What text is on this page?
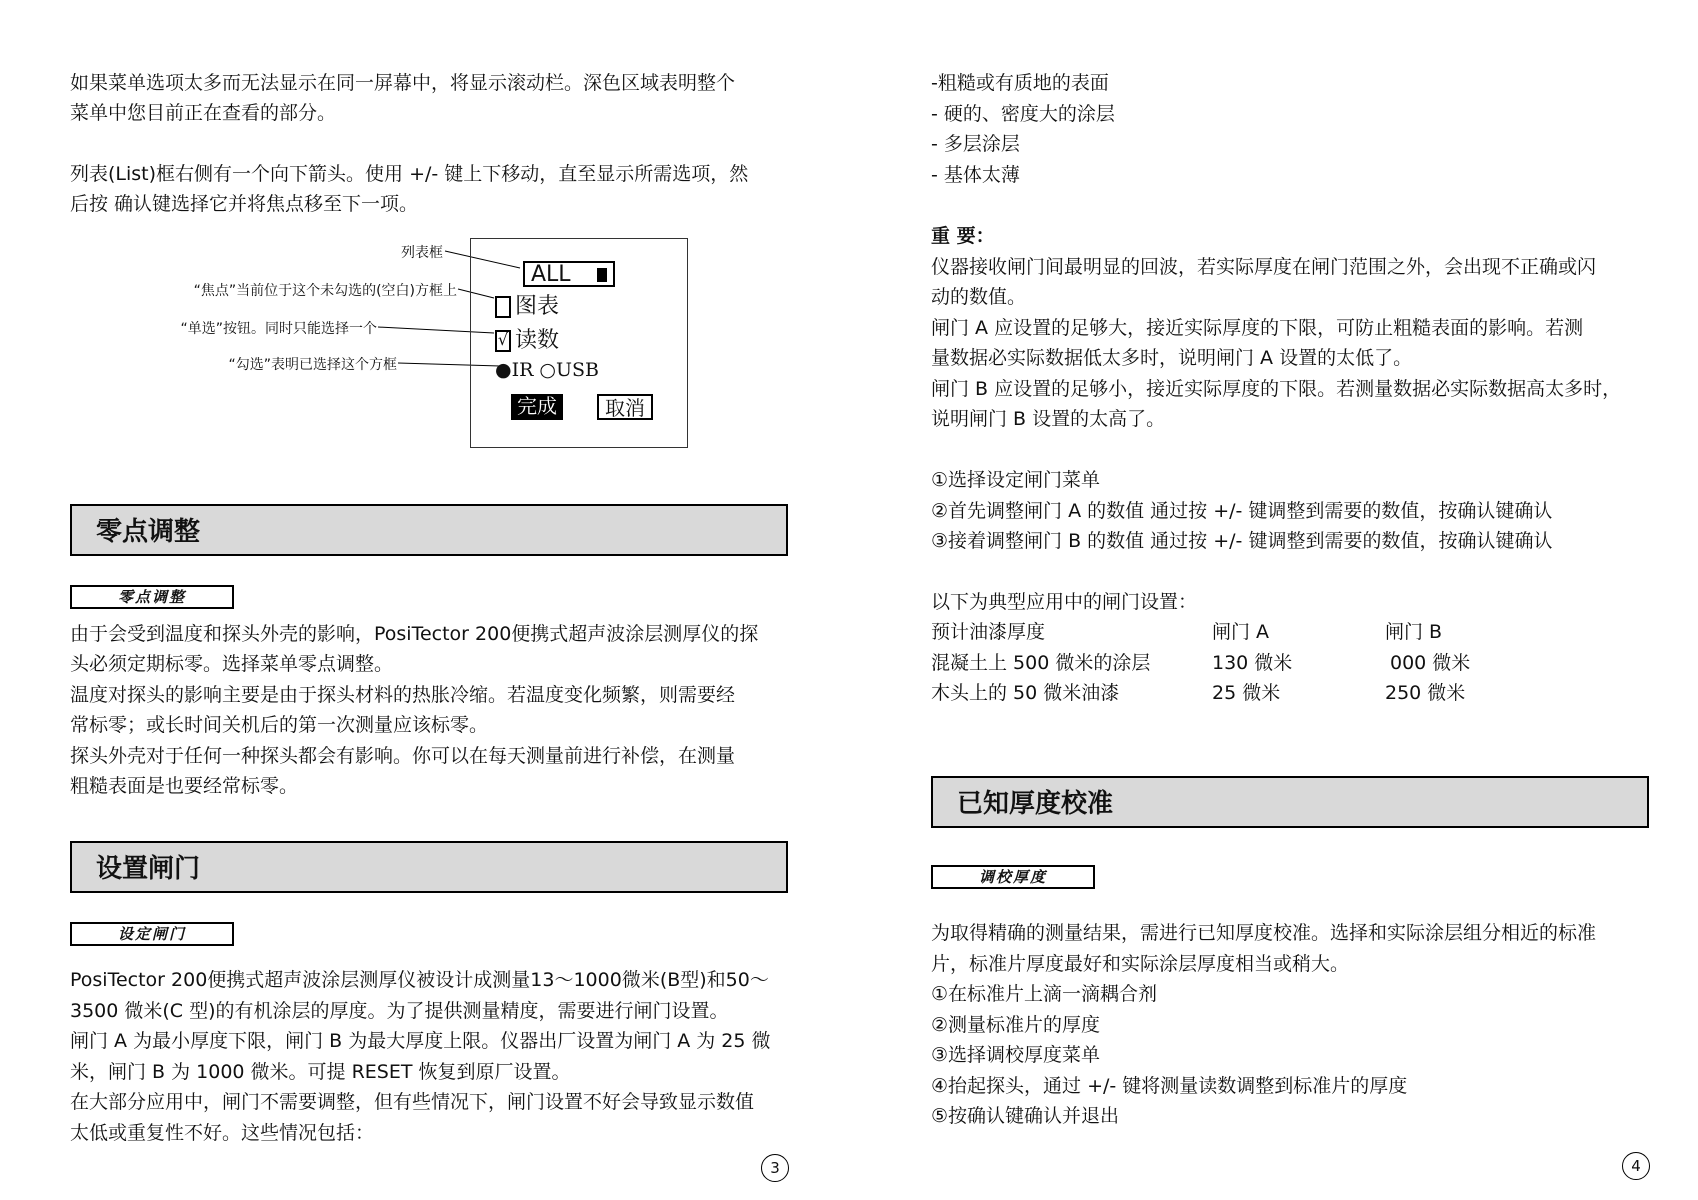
如果菜单选项太多而无法显示在同一屏幕中，将显示滚动栏。深色区域表明整个
菜单中您目前正在查看的部分。
列表(List)框右侧有一个向下箭头。使用 +/- 键上下移动，直至显示所需选项，然
后按 确认键选择它并将焦点移至下一项。
列表框
“焦点”当前位于这个未勾选的(空白)方框上
“单选”按钮。同时只能选择一个
“勾选”表明已选择这个方框
ALL
图表
√ 读数
●IR ○USB
完成	取消
零点调整
零点调整
由于会受到温度和探头外壳的影响，PosiTector 200便携式超声波涂层测厚仪的探
头必须定期标零。选择菜单零点调整。
温度对探头的影响主要是由于探头材料的热胀冷缩。若温度变化频繁，则需要经
常标零；或长时间关机后的第一次测量应该标零。
探头外壳对于任何一种探头都会有影响。你可以在每天测量前进行补偿，在测量
粗糙表面是也要经常标零。
设置闸门
设定闸门
PosiTector 200便携式超声波涂层测厚仪被设计成测量13～1000微米(B型)和50～
3500 微米(C 型)的有机涂层的厚度。为了提供测量精度，需要进行闸门设置。
闸门 A 为最小厚度下限，闸门 B 为最大厚度上限。仪器出厂设置为闸门 A 为 25 微
米，闸门 B 为 1000 微米。可提 RESET 恢复到原厂设置。
在大部分应用中，闸门不需要调整，但有些情况下，闸门设置不好会导致显示数值
太低或重复性不好。这些情况包括：
3
-粗糙或有质地的表面
- 硬的、密度大的涂层
- 多层涂层
- 基体太薄
重 要：
仪器接收闸门间最明显的回波，若实际厚度在闸门范围之外，会出现不正确或闪
动的数值。
闸门 A 应设置的足够大，接近实际厚度的下限，可防止粗糙表面的影响。若测
量数据必实际数据低太多时，说明闸门 A 设置的太低了。
闸门 B 应设置的足够小，接近实际厚度的下限。若测量数据必实际数据高太多时，
说明闸门 B 设置的太高了。
①选择设定闸门菜单
②首先调整闸门 A 的数值 通过按 +/- 键调整到需要的数值，按确认键确认
③接着调整闸门 B 的数值 通过按 +/- 键调整到需要的数值，按确认键确认
以下为典型应用中的闸门设置：
预计油漆厚度	闸门 A	闸门 B
混凝土上 500 微米的涂层	130 微米	000 微米
木头上的 50 微米油漆	25 微米	250 微米
已知厚度校准
调校厚度
为取得精确的测量结果，需进行已知厚度校准。选择和实际涂层组分相近的标准
片，标准片厚度最好和实际涂层厚度相当或稍大。
①在标准片上滴一滴耦合剂
②测量标准片的厚度
③选择调校厚度菜单
④抬起探头，通过 +/- 键将测量读数调整到标准片的厚度
⑤按确认键确认并退出
4
